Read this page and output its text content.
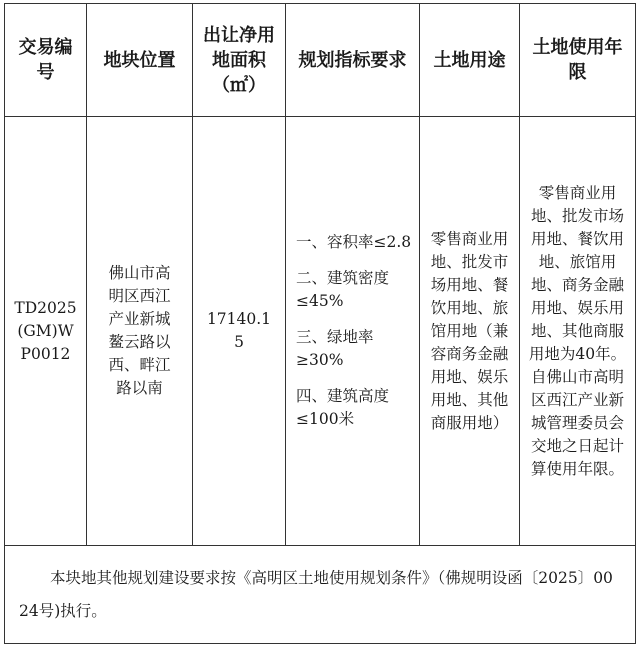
交易编号	地块位置	出让净用地面积（㎡）	规划指标要求	土地用途	土地使用年限

TD2025(GM)WP0012	佛山市高明区西江产业新城鳌云路以西、畔江路以南	17140.15	一、容积率≤2.8
二、建筑密度≤45%
三、绿地率≥30%
四、建筑高度≤100米	零售商业用地、批发市场用地、餐饮用地、旅馆用地（兼容商务金融用地、娱乐用地、其他商服用地）	零售商业用地、批发市场用地、餐饮用地、旅馆用地、商务金融用地、娱乐用地、其他商服用地为40年。自佛山市高明区西江产业新城管理委员会交地之日起计算使用年限。

本块地其他规划建设要求按《高明区土地使用规划条件》（佛规明设函〔2025〕0024号)执行。					
